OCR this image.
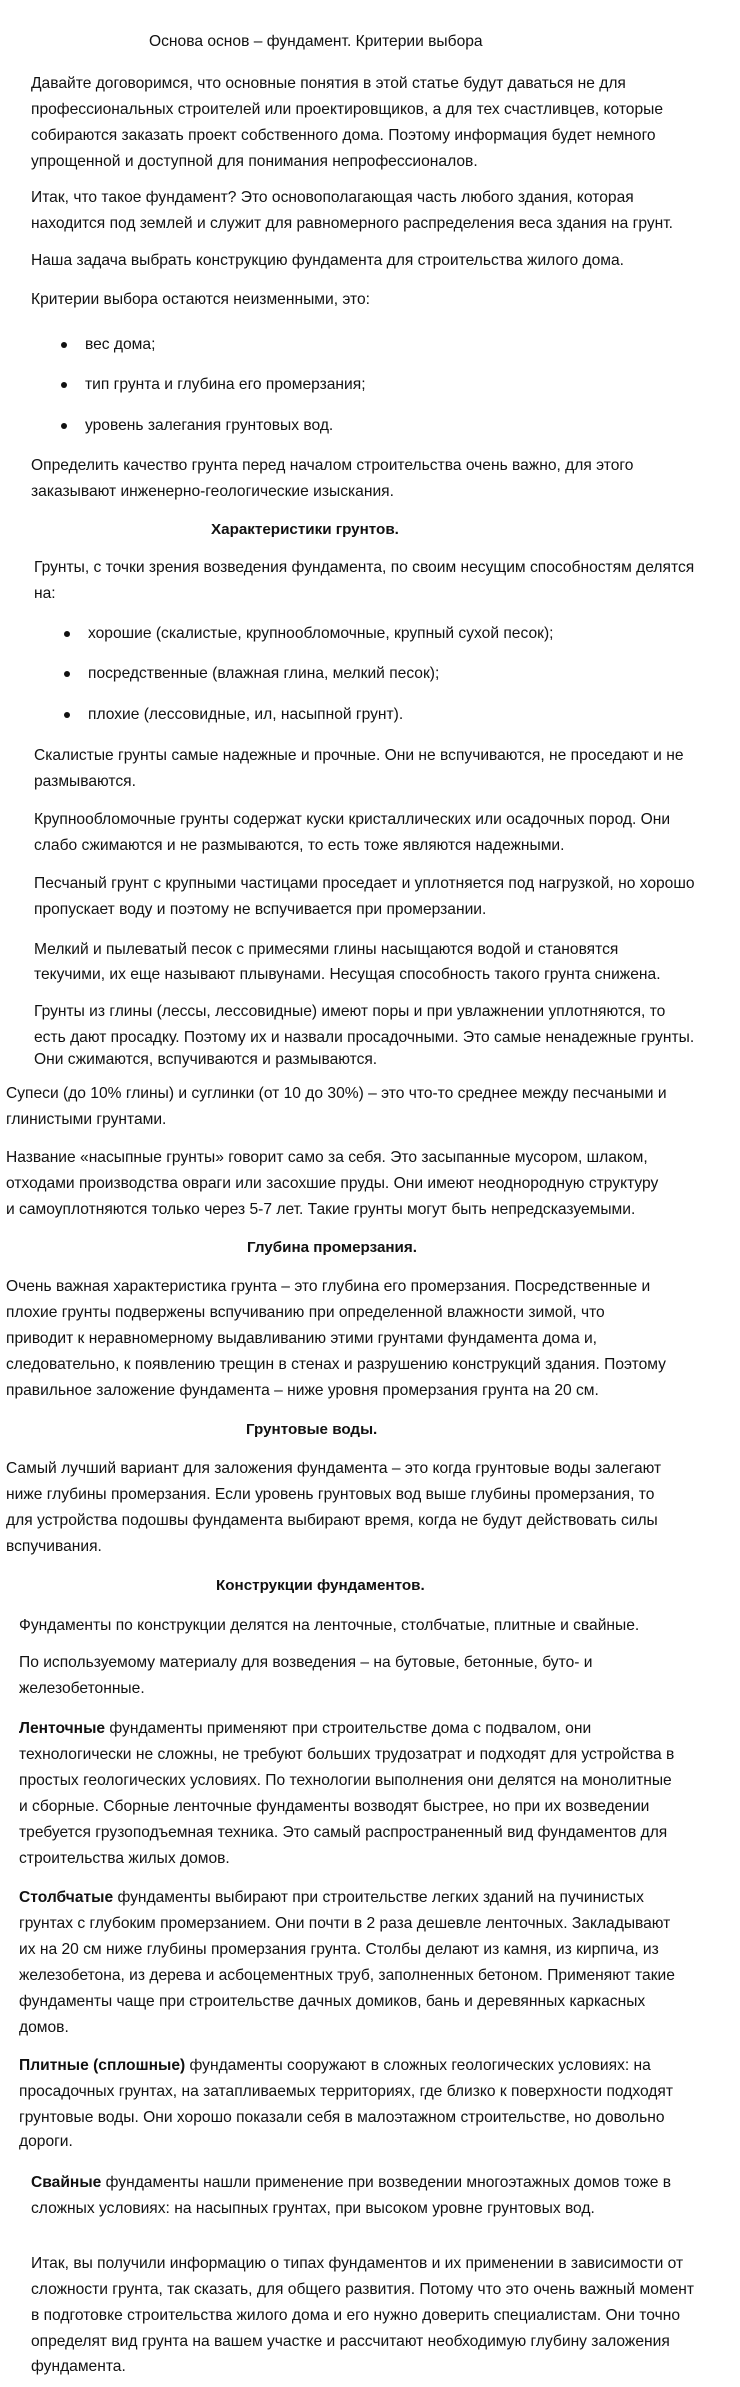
Основа основ – фундамент. Критерии выбора

Давайте договоримся, что основные понятия в этой статье будут даваться не для

профессиональных строителей или проектировщиков, а для тех счастливцев, которые

собираются заказать проект собственного дома. Поэтому информация будет немного

упрощенной и доступной для понимания непрофессионалов.

Итак, что такое фундамент? Это основополагающая часть любого здания, которая

находится под землей и служит для равномерного распределения веса здания на грунт.

Наша задача выбрать конструкцию фундамента для строительства жилого дома.

Критерии выбора остаются неизменными, это:

вес дома;

тип грунта и глубина его промерзания;

уровень залегания грунтовых вод.

Определить качество грунта перед началом строительства очень важно, для этого

заказывают инженерно-геологические изыскания.

Характеристики грунтов.

Грунты, с точки зрения возведения фундамента, по своим несущим способностям делятся

на:

хорошие (скалистые, крупнообломочные, крупный сухой песок);

посредственные (влажная глина, мелкий песок);

плохие (лессовидные, ил, насыпной грунт).

Скалистые грунты самые надежные и прочные. Они не вспучиваются, не проседают и не

размываются.

Крупнообломочные грунты содержат куски кристаллических или осадочных пород. Они

слабо сжимаются и не размываются, то есть тоже являются надежными.

Песчаный грунт с крупными частицами проседает и уплотняется под нагрузкой, но хорошо

пропускает воду и поэтому не вспучивается при промерзании.

Мелкий и пылеватый песок с примесями глины насыщаются водой и становятся

текучими, их еще называют плывунами. Несущая способность такого грунта снижена.

Грунты из глины (лессы, лессовидные) имеют поры и при увлажнении уплотняются, то

есть дают просадку. Поэтому их и назвали просадочными. Это самые ненадежные грунты.

Они сжимаются, вспучиваются и размываются.

Супеси (до 10% глины) и суглинки (от 10 до 30%) – это что-то среднее между песчаными и

глинистыми грунтами.

Название «насыпные грунты» говорит само за себя. Это засыпанные мусором, шлаком,

отходами производства овраги или засохшие пруды. Они имеют неоднородную структуру

и самоуплотняются только через 5-7 лет. Такие грунты могут быть непредсказуемыми.

Глубина промерзания.

Очень важная характеристика грунта – это глубина его промерзания. Посредственные и

плохие грунты подвержены вспучиванию при определенной влажности зимой, что

приводит к неравномерному выдавливанию этими грунтами фундамента дома и,

следовательно, к появлению трещин в стенах и разрушению конструкций здания. Поэтому

правильное заложение фундамента – ниже уровня промерзания грунта на 20 см.

Грунтовые воды.

Самый лучший вариант для заложения фундамента – это когда грунтовые воды залегают

ниже глубины промерзания. Если уровень грунтовых вод выше глубины промерзания, то

для устройства подошвы фундамента выбирают время, когда не будут действовать силы

вспучивания.

Конструкции фундаментов.

Фундаменты по конструкции делятся на ленточные, столбчатые, плитные и свайные.

По используемому материалу для возведения – на бутовые, бетонные, буто- и

железобетонные.

Ленточные фундаменты применяют при строительстве дома с подвалом, они

технологически не сложны, не требуют больших трудозатрат и подходят для устройства в

простых геологических условиях. По технологии выполнения они делятся на монолитные

и сборные. Сборные ленточные фундаменты возводят быстрее, но при их возведении

требуется грузоподъемная техника. Это самый распространенный вид фундаментов для

строительства жилых домов.

Столбчатые фундаменты выбирают при строительстве легких зданий на пучинистых

грунтах с глубоким промерзанием. Они почти в 2 раза дешевле ленточных. Закладывают

их на 20 см ниже глубины промерзания грунта. Столбы делают из камня, из кирпича, из

железобетона, из дерева и асбоцементных труб, заполненных бетоном. Применяют такие

фундаменты чаще при строительстве дачных домиков, бань и деревянных каркасных

домов.

Плитные (сплошные) фундаменты сооружают в сложных геологических условиях: на

просадочных грунтах, на затапливаемых территориях, где близко к поверхности подходят

грунтовые воды. Они хорошо показали себя в малоэтажном строительстве, но довольно

дороги.

Свайные фундаменты нашли применение при возведении многоэтажных домов тоже в

сложных условиях: на насыпных грунтах, при высоком уровне грунтовых вод.

Итак, вы получили информацию о типах фундаментов и их применении в зависимости от

сложности грунта, так сказать, для общего развития. Потому что это очень важный момент

в подготовке строительства жилого дома и его нужно доверить специалистам. Они точно

определят вид грунта на вашем участке и рассчитают необходимую глубину заложения

фундамента.
